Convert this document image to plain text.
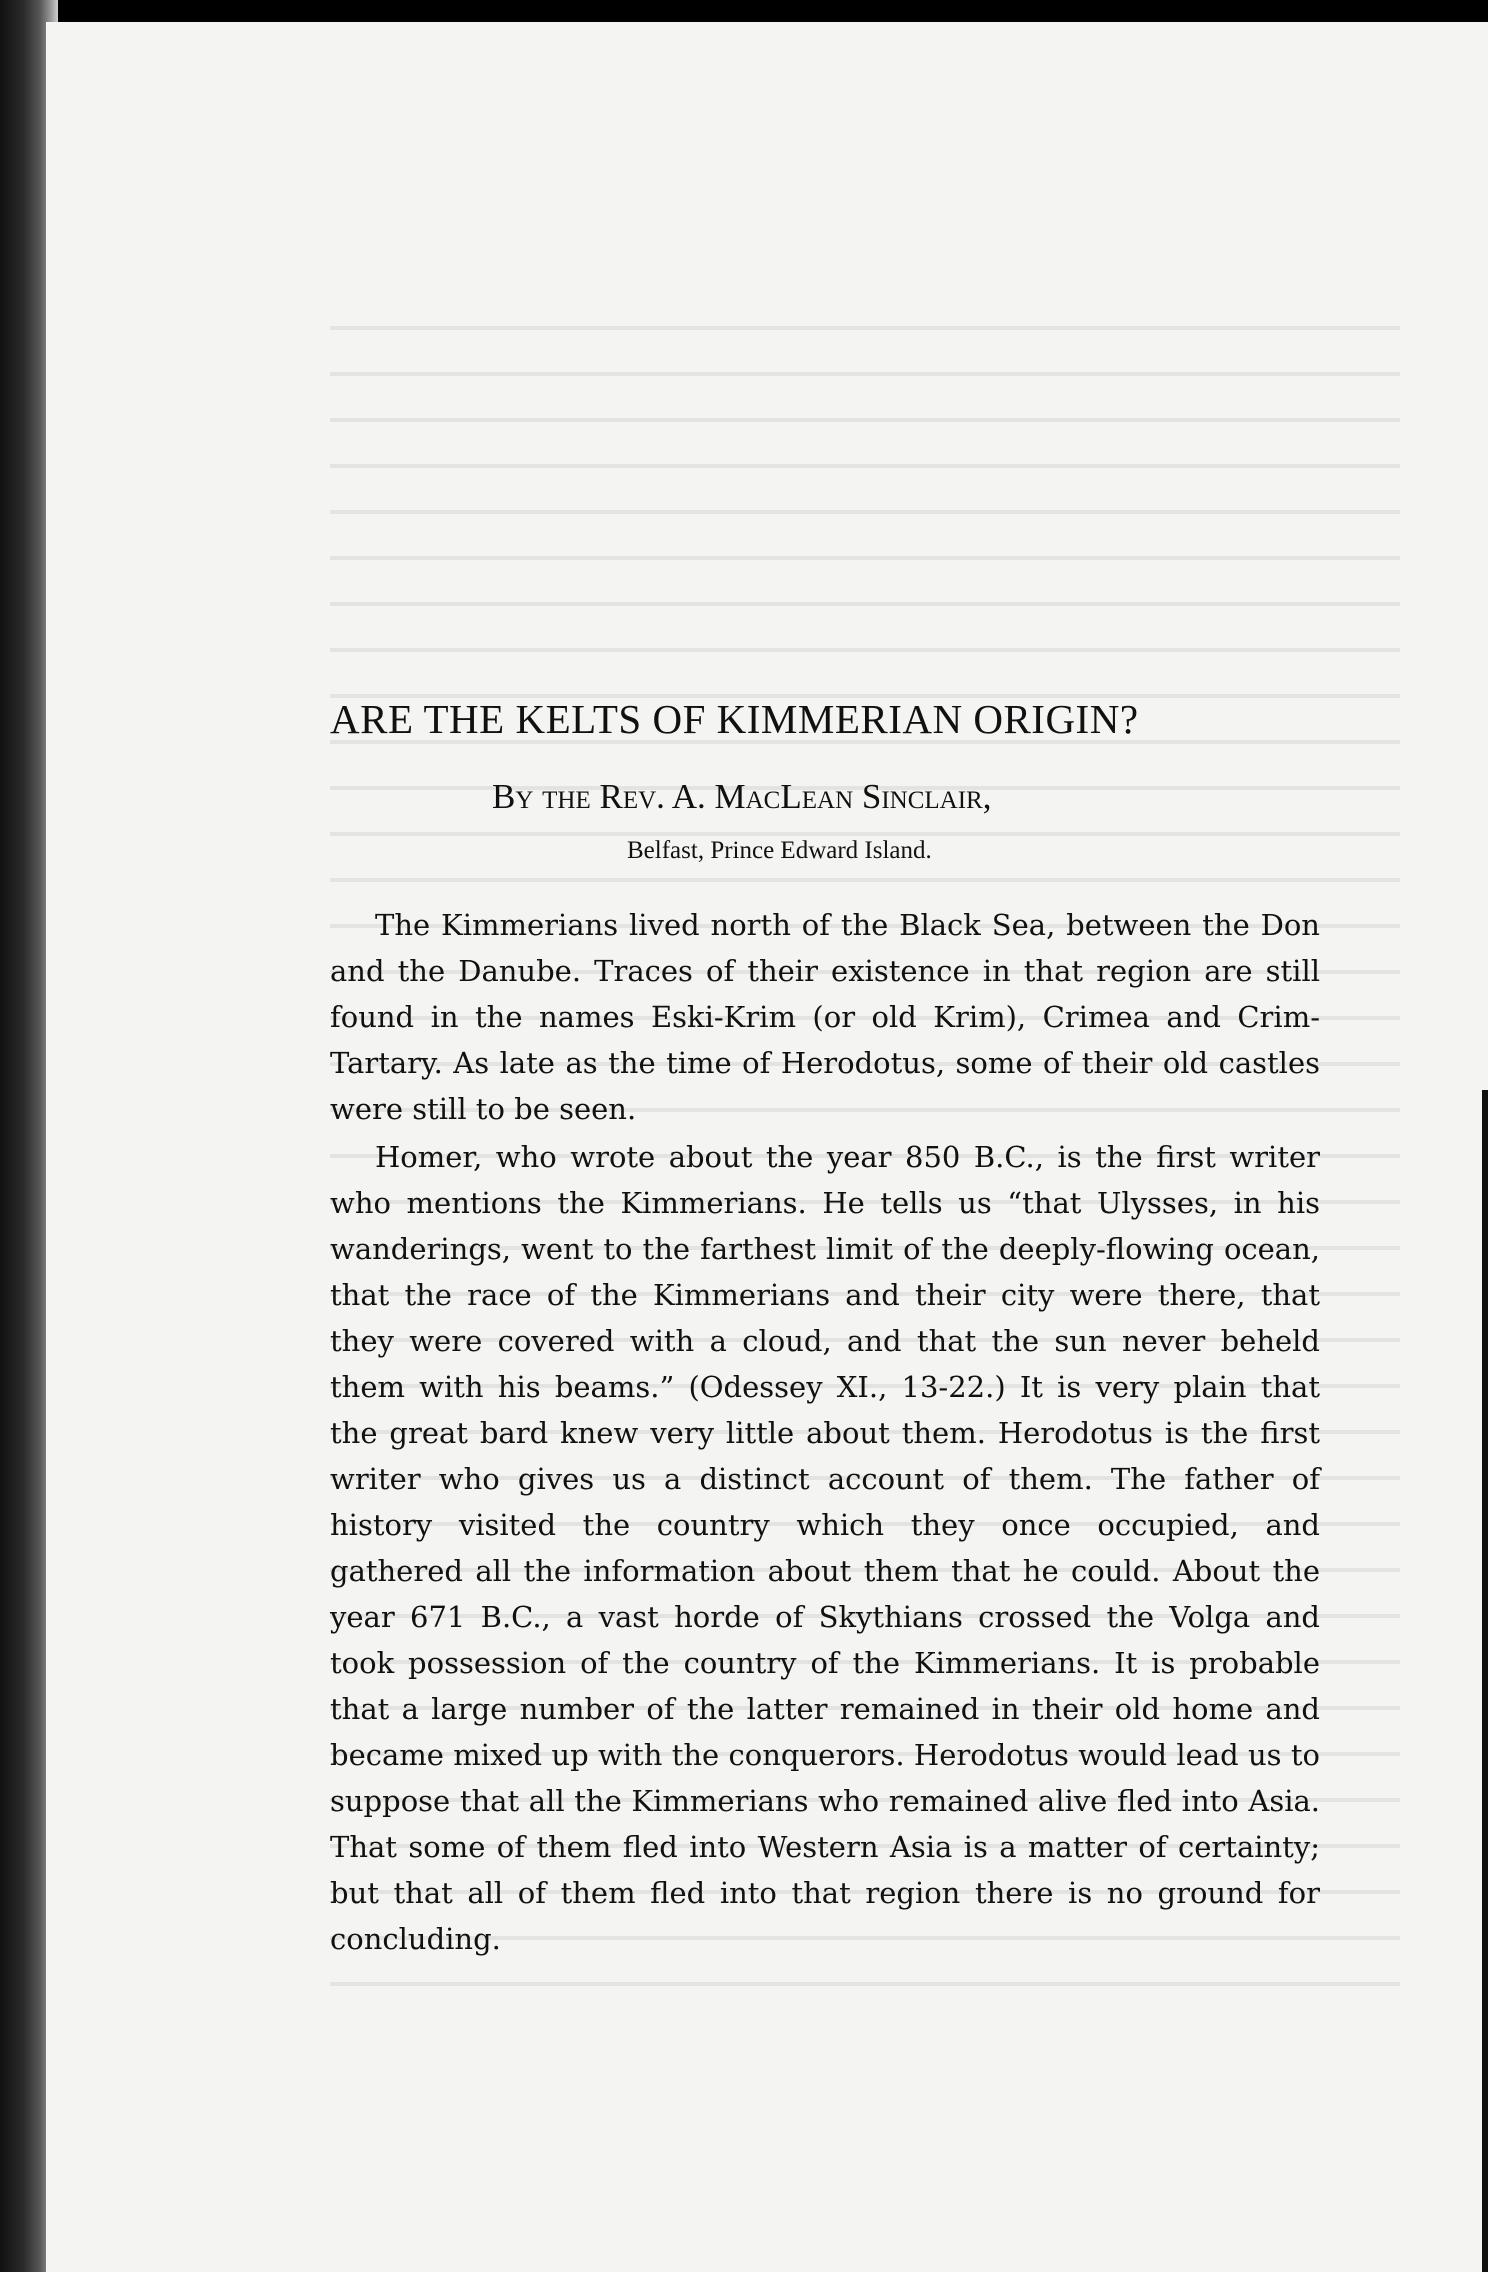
ARE THE KELTS OF KIMMERIAN ORIGIN?
By the Rev. A. MacLean Sinclair,
Belfast, Prince Edward Island.

The Kimmerians lived north of the Black Sea, between the Don and the Danube. Traces of their existence in that region are still found in the names Eski-Krim (or old Krim), Crimea and Crim-Tartary. As late as the time of Herodotus, some of their old castles were still to be seen.

Homer, who wrote about the year 850 B.C., is the first writer who mentions the Kimmerians. He tells us “that Ulysses, in his wanderings, went to the farthest limit of the deeply-flowing ocean, that the race of the Kimmerians and their city were there, that they were covered with a cloud, and that the sun never beheld them with his beams.” (Odessey XI., 13-22.) It is very plain that the great bard knew very little about them. Herodotus is the first writer who gives us a distinct account of them. The father of history visited the country which they once occupied, and gathered all the information about them that he could. About the year 671 B.C., a vast horde of Skythians crossed the Volga and took possession of the country of the Kimmerians. It is probable that a large number of the latter remained in their old home and became mixed up with the conquerors. Herodotus would lead us to suppose that all the Kimmerians who remained alive fled into Asia. That some of them fled into Western Asia is a matter of certainty; but that all of them fled into that region there is no ground for concluding.
